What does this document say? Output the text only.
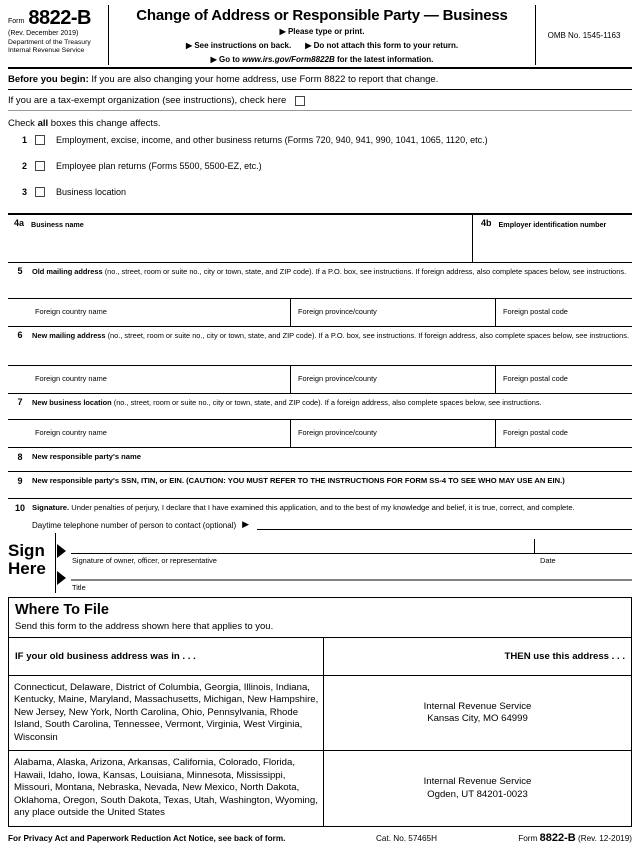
Form 8822-B
(Rev. December 2019)
Department of the Treasury
Internal Revenue Service
Change of Address or Responsible Party — Business
▶ Please type or print.
▶ See instructions on back. ▶ Do not attach this form to your return.
▶ Go to www.irs.gov/Form8822B for the latest information.
OMB No. 1545-1163
Before you begin: If you are also changing your home address, use Form 8822 to report that change.
If you are a tax-exempt organization (see instructions), check here
Check all boxes this change affects.
1	Employment, excise, income, and other business returns (Forms 720, 940, 941, 990, 1041, 1065, 1120, etc.)
2	Employee plan returns (Forms 5500, 5500-EZ, etc.)
3	Business location
4a Business name	4b Employer identification number
5	Old mailing address (no., street, room or suite no., city or town, state, and ZIP code). If a P.O. box, see instructions. If foreign address, also complete spaces below, see instructions.
Foreign country name	Foreign province/county	Foreign postal code
6	New mailing address (no., street, room or suite no., city or town, state, and ZIP code). If a P.O. box, see instructions. If foreign address, also complete spaces below, see instructions.
Foreign country name	Foreign province/county	Foreign postal code
7	New business location (no., street, room or suite no., city or town, state, and ZIP code). If a foreign address, also complete spaces below, see instructions.
Foreign country name	Foreign province/county	Foreign postal code
8	New responsible party's name
9	New responsible party's SSN, ITIN, or EIN. (CAUTION: YOU MUST REFER TO THE INSTRUCTIONS FOR FORM SS-4 TO SEE WHO MAY USE AN EIN.)
10 Signature. Under penalties of perjury, I declare that I have examined this application, and to the best of my knowledge and belief, it is true, correct, and complete.
Daytime telephone number of person to contact (optional) ▶
Sign
Here	Signature of owner, officer, or representative	Date
Title
Where To File
Send this form to the address shown here that applies to you.
IF your old business address was in . . .	THEN use this address . . .
Connecticut, Delaware, District of Columbia, Georgia, Illinois, Indiana, Kentucky, Maine, Maryland, Massachusetts, Michigan, New Hampshire, New Jersey, New York, North Carolina, Ohio, Pennsylvania, Rhode Island, South Carolina, Tennessee, Vermont, Virginia, West Virginia, Wisconsin
Internal Revenue Service
Kansas City, MO 64999
Alabama, Alaska, Arizona, Arkansas, California, Colorado, Florida, Hawaii, Idaho, Iowa, Kansas, Louisiana, Minnesota, Mississippi, Missouri, Montana, Nebraska, Nevada, New Mexico, North Dakota, Oklahoma, Oregon, South Dakota, Texas, Utah, Washington, Wyoming, any place outside the United States
Internal Revenue Service
Ogden, UT 84201-0023
For Privacy Act and Paperwork Reduction Act Notice, see back of form.	Cat. No. 57465H	Form 8822-B (Rev. 12-2019)
